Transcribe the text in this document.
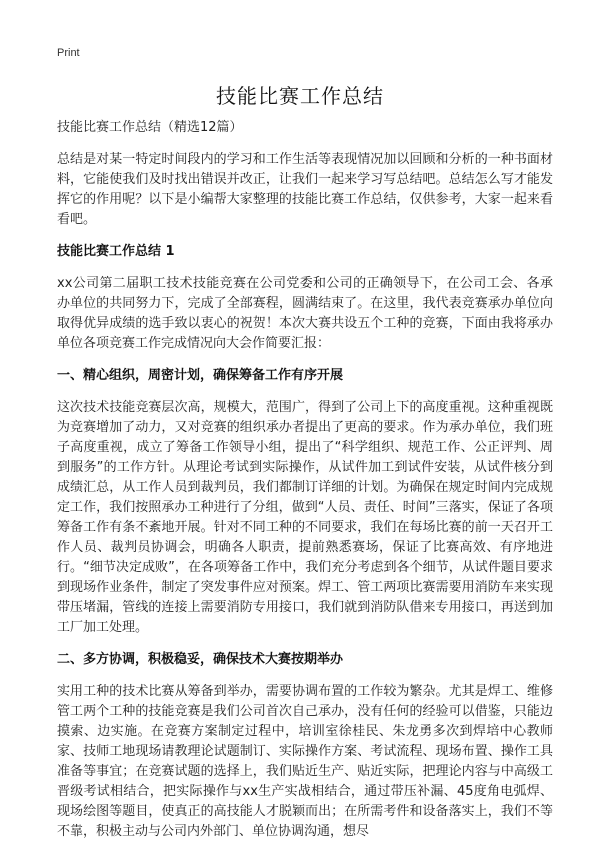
Print
技能比赛工作总结

技能比赛工作总结（精选12篇）

总结是对某一特定时间段内的学习和工作生活等表现情况加以回顾和分析的一种书面材料，它能使我们及时找出错误并改正，让我们一起来学习写总结吧。总结怎么写才能发挥它的作用呢？以下是小编帮大家整理的技能比赛工作总结，仅供参考，大家一起来看看吧。

技能比赛工作总结 1

xx公司第二届职工技术技能竞赛在公司党委和公司的正确领导下，在公司工会、各承办单位的共同努力下，完成了全部赛程，圆满结束了。在这里，我代表竞赛承办单位向取得优异成绩的选手致以衷心的祝贺！本次大赛共设五个工种的竞赛，下面由我将承办单位各项竞赛工作完成情况向大会作简要汇报：

一、精心组织，周密计划，确保筹备工作有序开展

这次技术技能竞赛层次高，规模大，范围广，得到了公司上下的高度重视。这种重视既为竞赛增加了动力，又对竞赛的组织承办者提出了更高的要求。作为承办单位，我们班子高度重视，成立了筹备工作领导小组，提出了“科学组织、规范工作、公正评判、周到服务”的工作方针。从理论考试到实际操作，从试件加工到试件安装，从试件核分到成绩汇总，从工作人员到裁判员，我们都制订详细的计划。为确保在规定时间内完成规定工作，我们按照承办工种进行了分组，做到“人员、责任、时间”三落实，保证了各项筹备工作有条不紊地开展。针对不同工种的不同要求，我们在每场比赛的前一天召开工作人员、裁判员协调会，明确各人职责，提前熟悉赛场，保证了比赛高效、有序地进行。“细节决定成败”，在各项筹备工作中，我们充分考虑到各个细节，从试件题目要求到现场作业条件，制定了突发事件应对预案。焊工、管工两项比赛需要用消防车来实现带压堵漏，管线的连接上需要消防专用接口，我们就到消防队借来专用接口，再送到加工厂加工处理。

二、多方协调，积极稳妥，确保技术大赛按期举办

实用工种的技术比赛从筹备到举办，需要协调布置的工作较为繁杂。尤其是焊工、维修管工两个工种的技能竞赛是我们公司首次自己承办，没有任何的经验可以借鉴，只能边摸索、边实施。在竞赛方案制定过程中，培训室徐桂民、朱龙勇多次到焊培中心教师家、技师工地现场请教理论试题制订、实际操作方案、考试流程、现场布置、操作工具准备等事宜；在竞赛试题的选择上，我们贴近生产、贴近实际，把理论内容与中高级工晋级考试相结合，把实际操作与xx生产实战相结合，通过带压补漏、45度角电弧焊、现场绘图等题目，使真正的高技能人才脱颖而出；在所需考件和设备落实上，我们不等不靠，积极主动与公司内外部门、单位协调沟通，想尽
